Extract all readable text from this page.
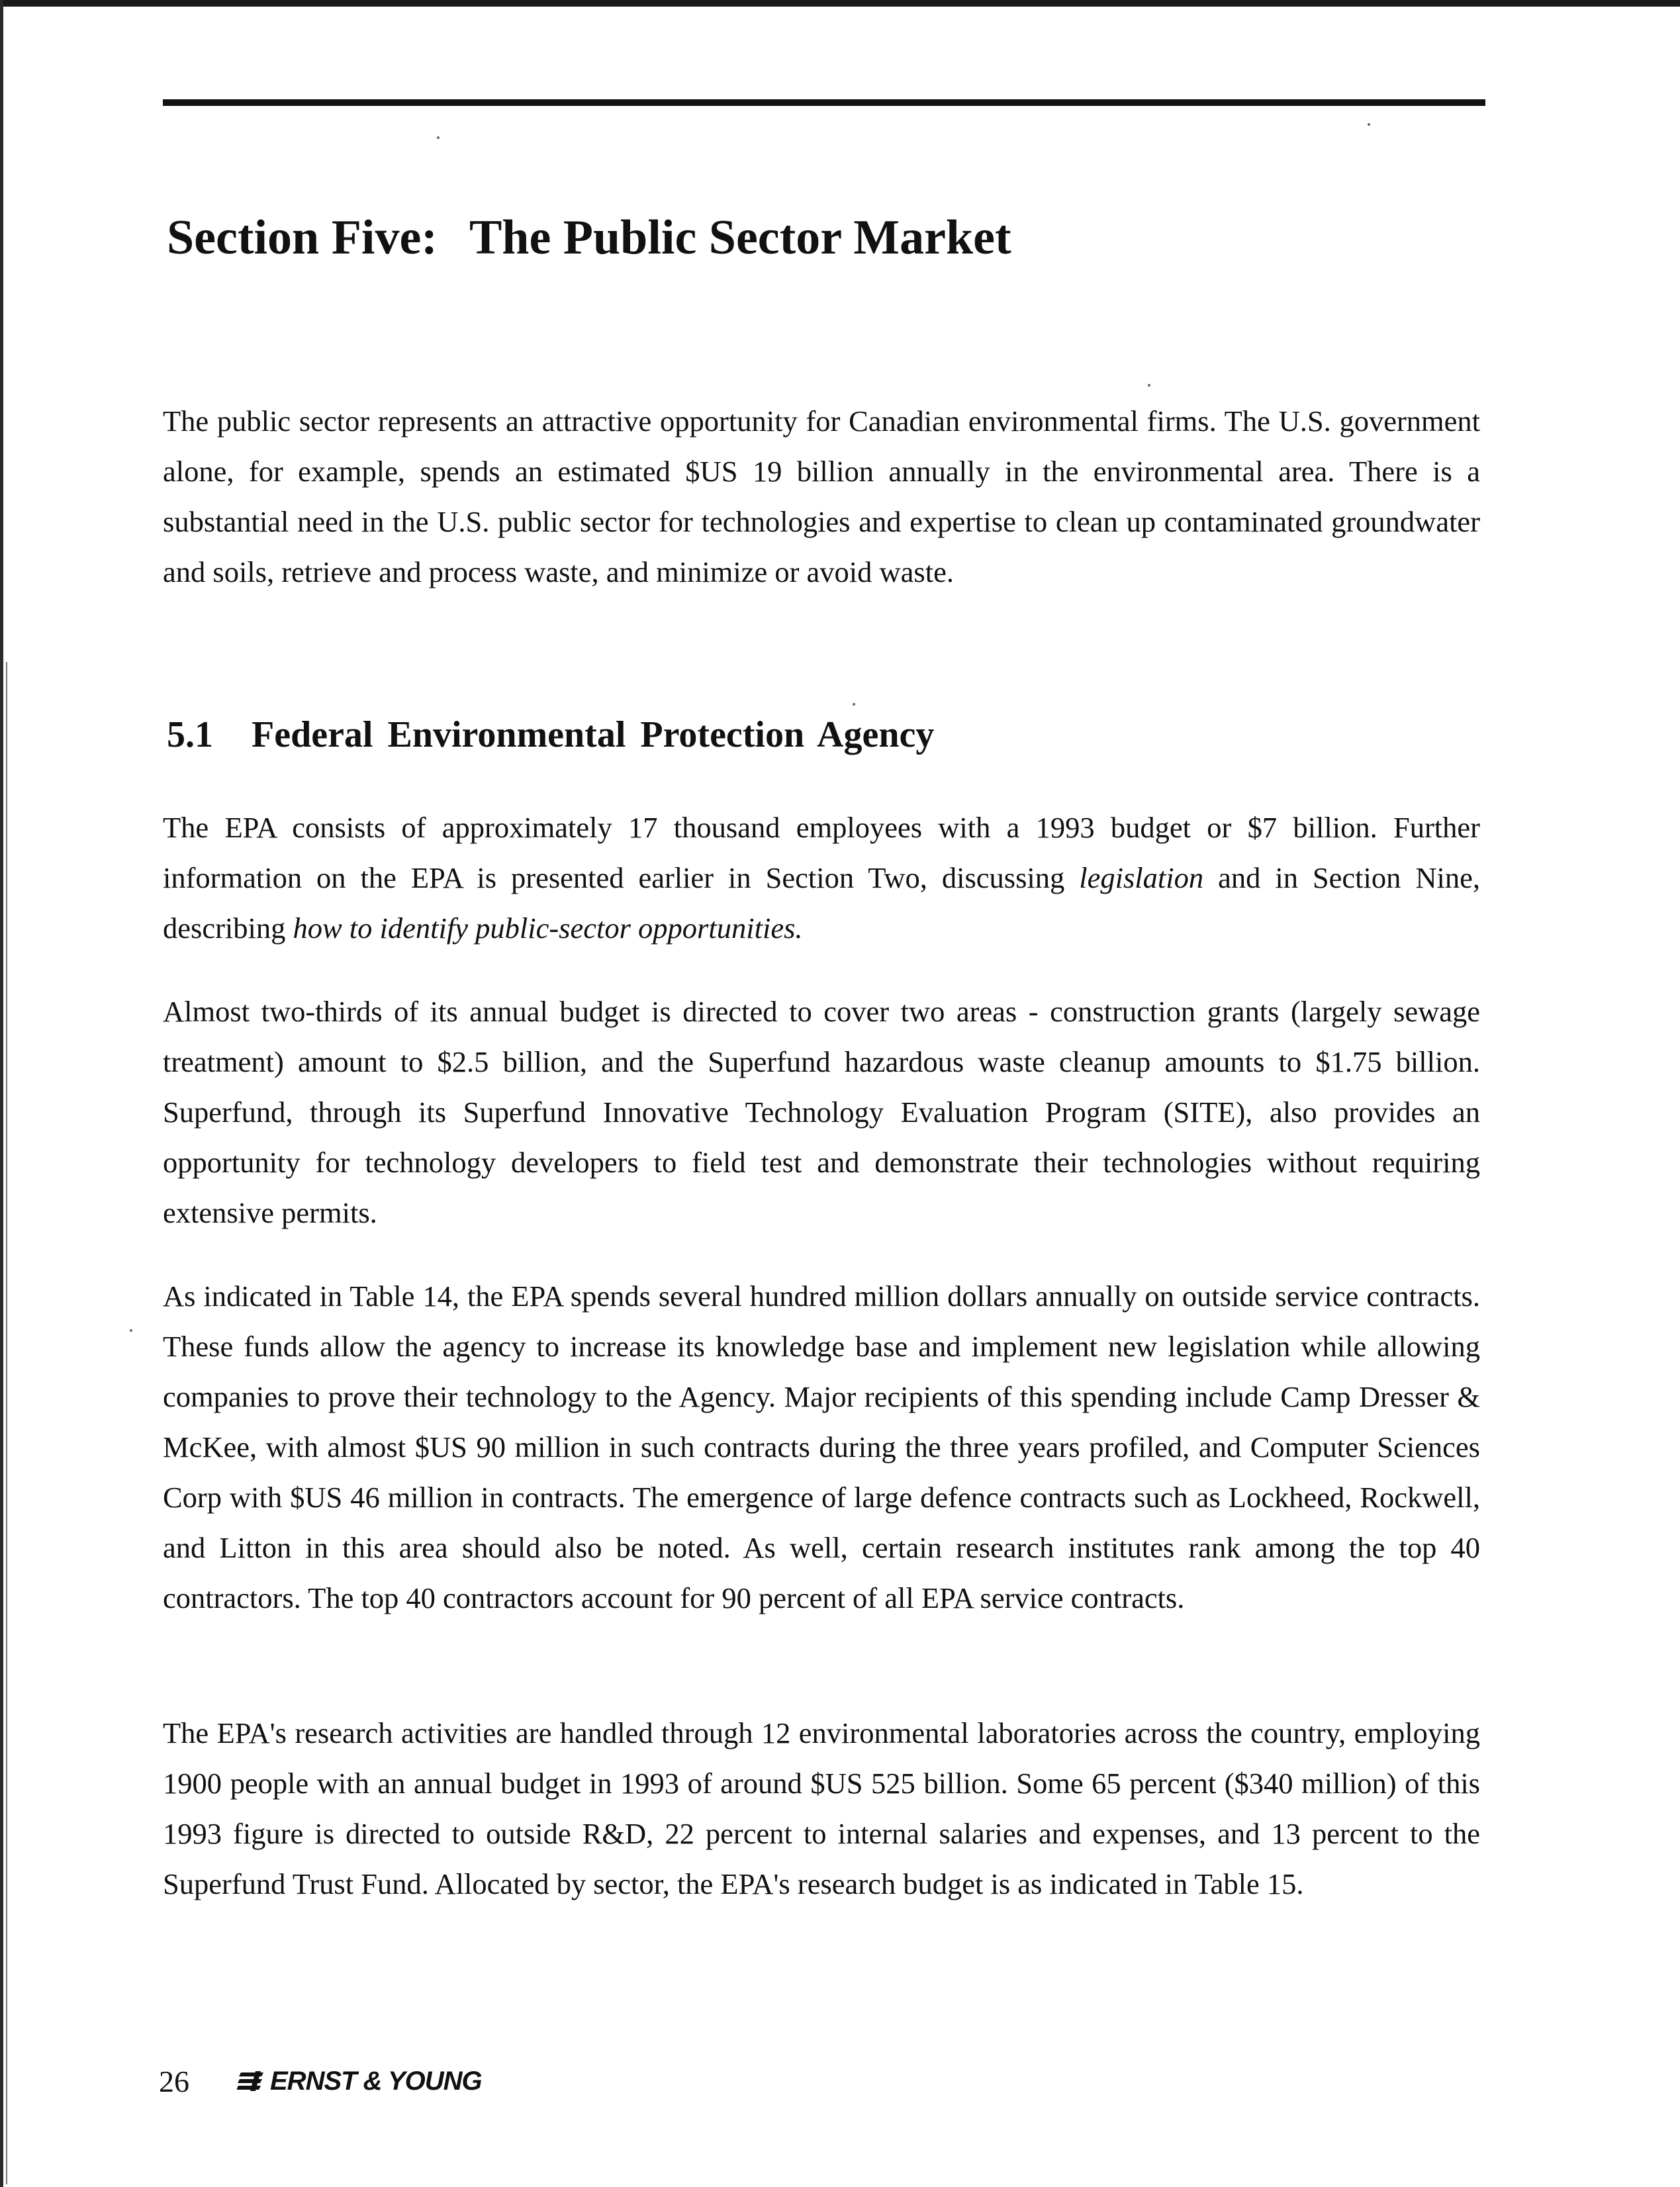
Section Five: The Public Sector Market

The public sector represents an attractive opportunity for Canadian environmental firms. The U.S. government alone, for example, spends an estimated $US 19 billion annually in the environmental area. There is a substantial need in the U.S. public sector for technologies and expertise to clean up contaminated groundwater and soils, retrieve and process waste, and minimize or avoid waste.

5.1 Federal Environmental Protection Agency

The EPA consists of approximately 17 thousand employees with a 1993 budget or $7 billion. Further information on the EPA is presented earlier in Section Two, discussing legislation and in Section Nine, describing how to identify public-sector opportunities.

Almost two-thirds of its annual budget is directed to cover two areas - construction grants (largely sewage treatment) amount to $2.5 billion, and the Superfund hazardous waste cleanup amounts to $1.75 billion. Superfund, through its Superfund Innovative Technology Evaluation Program (SITE), also provides an opportunity for technology developers to field test and demonstrate their technologies without requiring extensive permits.

As indicated in Table 14, the EPA spends several hundred million dollars annually on outside service contracts. These funds allow the agency to increase its knowledge base and implement new legislation while allowing companies to prove their technology to the Agency. Major recipients of this spending include Camp Dresser & McKee, with almost $US 90 million in such contracts during the three years profiled, and Computer Sciences Corp with $US 46 million in contracts. The emergence of large defence contracts such as Lockheed, Rockwell, and Litton in this area should also be noted. As well, certain research institutes rank among the top 40 contractors. The top 40 contractors account for 90 percent of all EPA service contracts.

The EPA's research activities are handled through 12 environmental laboratories across the country, employing 1900 people with an annual budget in 1993 of around $US 525 billion. Some 65 percent ($340 million) of this 1993 figure is directed to outside R&D, 22 percent to internal salaries and expenses, and 13 percent to the Superfund Trust Fund. Allocated by sector, the EPA's research budget is as indicated in Table 15.

26	ERNST & YOUNG
